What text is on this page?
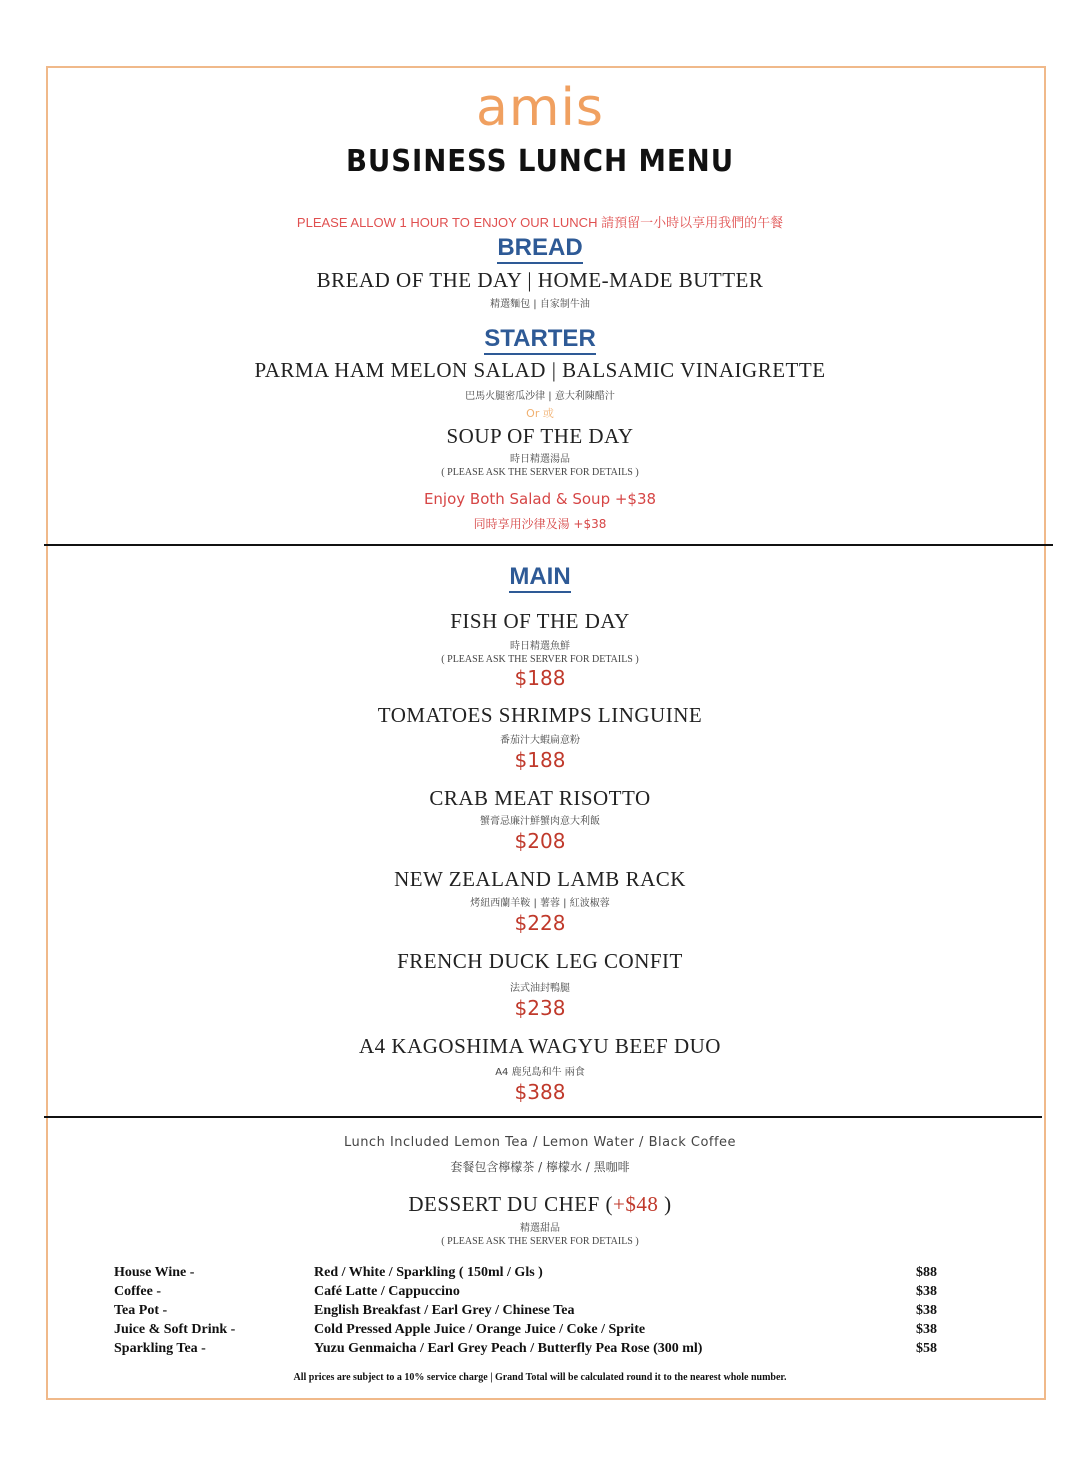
amis
BUSINESS LUNCH MENU
PLEASE ALLOW 1 HOUR TO ENJOY OUR LUNCH 請預留一小時以享用我們的午餐
BREAD
BREAD OF THE DAY | HOME-MADE BUTTER
精選麵包 | 自家制牛油
STARTER
PARMA HAM MELON SALAD | BALSAMIC VINAIGRETTE
巴馬火腿密瓜沙律 | 意大利陳醋汁
Or 或
SOUP OF THE DAY
時日精選湯品
( PLEASE ASK THE SERVER FOR DETAILS )
Enjoy Both Salad & Soup +$38
同時享用沙律及湯 +$38
MAIN
FISH OF THE DAY
時日精選魚鮮
( PLEASE ASK THE SERVER FOR DETAILS )
$188
TOMATOES SHRIMPS LINGUINE
番茄汁大蝦扁意粉
$188
CRAB MEAT RISOTTO
蟹膏忌廉汁鮮蟹肉意大利飯
$208
NEW ZEALAND LAMB RACK
烤紐西蘭羊鞍 | 薯蓉 | 紅波椒蓉
$228
FRENCH DUCK LEG CONFIT
法式油封鴨腿
$238
A4 KAGOSHIMA WAGYU BEEF DUO
A4 鹿兒島和牛 兩食
$388
Lunch Included Lemon Tea / Lemon Water / Black Coffee
套餐包含檸檬茶 / 檸檬水 / 黑咖啡
DESSERT DU CHEF (+$48 )
精選甜品
( PLEASE ASK THE SERVER FOR DETAILS )
House Wine -	Red / White / Sparkling ( 150ml / Gls )	$88
Coffee -	Café Latte / Cappuccino	$38
Tea Pot -	English Breakfast / Earl Grey / Chinese Tea	$38
Juice & Soft Drink -	Cold Pressed Apple Juice / Orange Juice / Coke / Sprite	$38
Sparkling Tea -	Yuzu Genmaicha / Earl Grey Peach / Butterfly Pea Rose (300 ml)	$58
All prices are subject to a 10% service charge | Grand Total will be calculated round it to the nearest whole number.
